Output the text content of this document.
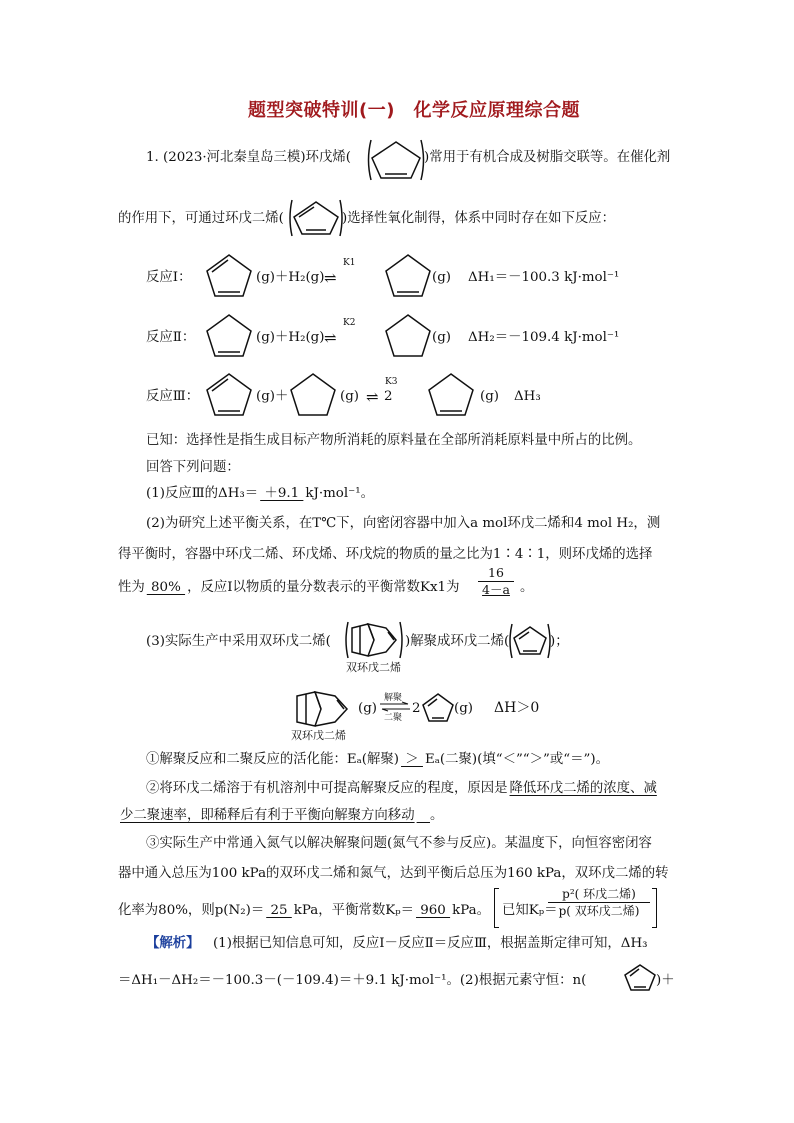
题型突破特训(一)　化学反应原理综合题
1. (2023·河北秦皇岛三模)环戊烯(	)常用于有机合成及树脂交联等。在催化剂
的作用下，可通过环戊二烯(	)选择性氧化制得，体系中同时存在如下反应：
反应Ⅰ：	(g)＋H₂(g)
K1
⇌	(g) ΔH₁＝－100.3 kJ·mol⁻¹
反应Ⅱ：	(g)＋H₂(g)
K2
⇌	(g) ΔH₂＝－109.4 kJ·mol⁻¹
反应Ⅲ：	(g)＋	(g)
K3
⇌ 2	(g) ΔH₃
已知：选择性是指生成目标产物所消耗的原料量在全部所消耗原料量中所占的比例。
回答下列问题：
(1)反应Ⅲ的ΔH₃＝ ＋9.1 kJ·mol⁻¹。
(2)为研究上述平衡关系，在T℃下，向密闭容器中加入a mol环戊二烯和4 mol H₂，测
得平衡时，容器中环戊二烯、环戊烯、环戊烷的物质的量之比为1∶4∶1，则环戊烯的选择
性为 80% ，反应Ⅰ以物质的量分数表示的平衡常数Kx1为 $\frac{16}{4-a}$ 。
(3)实际生产中采用双环戊二烯(	)解聚成环戊二烯(	)；
双环戊二烯
双环戊二烯
(g)
解聚
二聚
2 (g) ΔH＞0
①解聚反应和二聚反应的活化能：Eₐ(解聚) ＞ Eₐ(二聚)(填“＜”“＞”或“＝”)。
②将环戊二烯溶于有机溶剂中可提高解聚反应的程度，原因是 降低环戊二烯的浓度、减
少二聚速率，即稀释后有利于平衡向解聚方向移动  。
③实际生产中常通入氮气以解决解聚问题(氮气不参与反应)。某温度下，向恒容密闭容
器中通入总压为100 kPa的双环戊二烯和氮气，达到平衡后总压为160 kPa，双环戊二烯的转
化率为80%，则p(N₂)＝ 25 kPa，平衡常数Kₚ＝ 960 kPa。 已知Kₚ＝
p²( 环戊二烯)
p( 双环戊二烯)
【解析】  (1)根据已知信息可知，反应Ⅰ－反应Ⅱ＝反应Ⅲ，根据盖斯定律可知，ΔH₃
＝ΔH₁－ΔH₂＝－100.3－(－109.4)＝＋9.1 kJ·mol⁻¹。(2)根据元素守恒：n(	)＋
